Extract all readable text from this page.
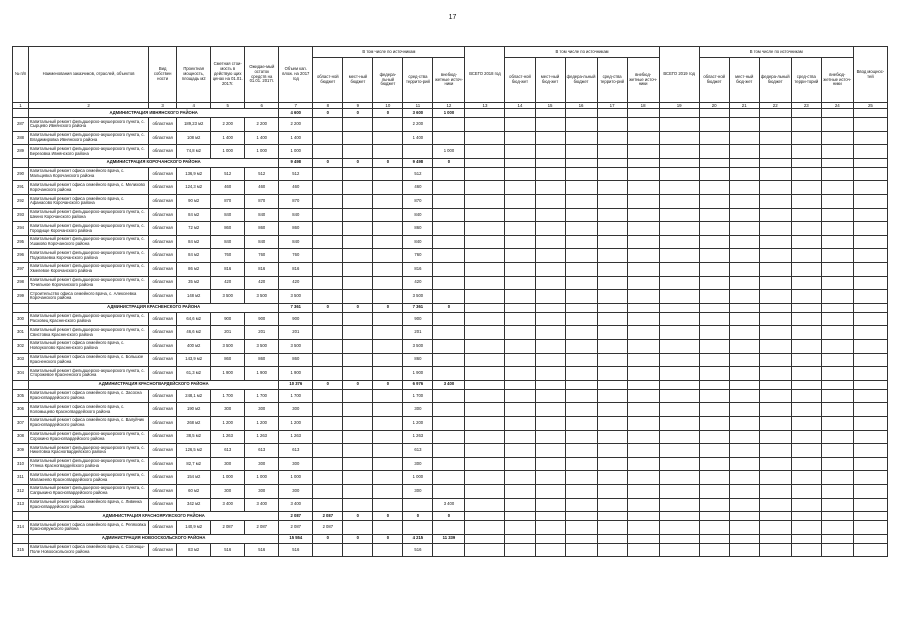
17
№ п/п	Наименования заказчиков, отраслей, объектов	Вид собствен ности	Проектная мощность, площадь м2	Сметная стои-мость в действую щих ценах на 01.01. 2017г.	Ожидае-мый остаток средств на 01.01. 2017г.	Объем кап. влож. на 2017 год	В том числе по источникам					ВСЕГО 2018 год	В том числе по источникам					ВСЕГО 2019 год	В том числе по источникам					Ввод мощнос-тей
							област-ной бюджет	мест-ный бюджет	федера-льный бюджет	сред-ства террито-рий	внебюд-жетные источ-ники		област-ной бюд-жет	мест-ный бюд-жет	федера-льный бюджет	сред-ства террито-рий	внебюд-жетные источ-ники		област-ной бюджет	мест-ный бюд-жет	федера-льный бюджет	сред-ства терри-торий	внебюд-жетные источ-ники	
1	2	3	4	5	6	7	8	9	10	11	12	13	14	15	16	17	18	19	20	21	22	23	24	25
	АДМИНИСТРАЦИЯ ИВНЯНСКОГО РАЙОНА					4 600	0	0	0	3 600	1 000													
287	Капитальный ремонт фельдшерско-акушерского пункта, с. Сырцево Ивнянского района	областная	189,23 м2	2 200	2 200	2 200				2 200														
288	Капитальный ремонт фельдшерско-акушерского пункта, с. Владимировка Ивнянского района	областная	108 м2	1 400	1 400	1 400				1 400														
289	Капитальный ремонт фельдшерско-акушерского пункта, с. Березовка Ивнянского района	областная	74,8 м2	1 000	1 000	1 000					1 000													
	АДМИНИСТРАЦИЯ КОРОЧАНСКОГО РАЙОНА					9 498	0	0	0	9 498	0													
290	Капитальный ремонт офиса семейного врача, с. Мальцевка Корочанского района	областная	136,9 м2	512	512	512				512														
291	Капитальный ремонт офиса семейного врача, с. Мелихово Корочанского района	областная	124,3 м2	460	460	460				460														
292	Капитальный ремонт офиса семейного врача, с. Афанасово Корочанского района	областная	90 м2	870	870	870				870														
293	Капитальный ремонт фельдшерско-акушерского пункта, с. Шеино Корочанского района	областная	84 м2	840	840	840				840														
294	Капитальный ремонт фельдшерско-акушерского пункта, с. Городище Корочанского района	областная	72 м2	860	860	860				860														
295	Капитальный ремонт фельдшерско-акушерского пункта, с. Ушаково Корочанского района	областная	84 м2	840	840	840				840														
296	Капитальный ремонт фельдшерско-акушерского пункта, с. Подкопаевка Корочанского района	областная	84 м2	760	760	760				760														
297	Капитальный ремонт фельдшерско-акушерского пункта, с. Хмелевое Корочанского района	областная	86 м2	816	816	816				816														
298	Капитальный ремонт фельдшерско-акушерского пункта, с. Точильное Корочанского района	областная	35 м2	420	420	420				420														
299	Строительство офиса семейного врача, с. Алексеевка Корочанского района	областная	148 м2	3 500	3 500	3 500				3 500														
	АДМИНИСТРАЦИЯ КРАСНЕНСКОГО РАЙОНА					7 361	0	0	0	7 361	0													
300	Капитальный ремонт фельдшерско-акушерского пункта, с. Расховец Красненского района	областная	64,6 м2	900	900	900				900														
301	Капитальный ремонт фельдшерско-акушерского пункта, с. Свистовка Красненского района	областная	46,6 м2	201	201	201				201														
302	Капитальный ремонт офиса семейного врача, с. Новоуколово Красненского района	областная	400 м2	3 500	3 500	3 500				3 500														
303	Капитальный ремонт офиса семейного врача, с. Большое Красненского района	областная	143,9 м2	860	860	860				860														
304	Капитальный ремонт фельдшерско-акушерского пункта, с. Сторожевое Красненского района	областная	61,3 м2	1 900	1 900	1 900				1 900														
	АДМИНИСТРАЦИЯ КРАСНОГВАРДЕЙСКОГО РАЙОНА					10 376	0	0	0	6 976	3 400													
305	Капитальный ремонт офиса семейного врача, с. Засосна Красногвардейского района	областная	248,1 м2	1 700	1 700	1 700				1 700														
306	Капитальный ремонт офиса семейного врача, с. Коломыцево Красногвардейского района	областная	190 м2	300	300	300				300														
307	Капитальный ремонт офиса семейного врача, с. Валуйчик Красногвардейского района	областная	268 м2	1 200	1 200	1 200				1 200														
308	Капитальный ремонт фельдшерско-акушерского пункта, с. Сорокино Красногвардейского района	областная	38,5 м2	1 263	1 263	1 263				1 263														
309	Капитальный ремонт фельдшерско-акушерского пункта, с. Никитовка Красногвардейского района	областная	126,5 м2	613	613	613				613														
310	Капитальный ремонт фельдшерско-акушерского пункта, с. Утянка Красногвардейского района	областная	82,7 м2	300	300	300				300														
311	Капитальный ремонт фельдшерско-акушерского пункта, с. Малакеево Красногвардейского района	областная	154 м2	1 000	1 000	1 000				1 000														
312	Капитальный ремонт фельдшерско-акушерского пункта, с. Сапрыкино Красногвардейского района	областная	60 м2	300	300	300				300														
313	Капитальный ремонт офиса семейного врача, с. Ливенка Красногвардейского района	областная	342 м2	3 400	3 400	3 400					3 400													
	АДМИНИСТРАЦИЯ КРАСНОЯРУЖСКОГО РАЙОНА					2 087	2 087	0	0	0	0													
314	Капитальный ремонт офиса семейного врача, с. Репяховка Краснояружского района	областная	140,9 м2	2 087	2 087	2 087	2 087																	
	АДМИНИСТРАЦИЯ НОВООСКОЛЬСКОГО РАЙОНА					15 554	0	0	0	4 215	11 339													
315	Капитальный ремонт офиса семейного врача, с. Солонцы-Поле Новооскольского района	областная	83 м2	516	516	516				516														
